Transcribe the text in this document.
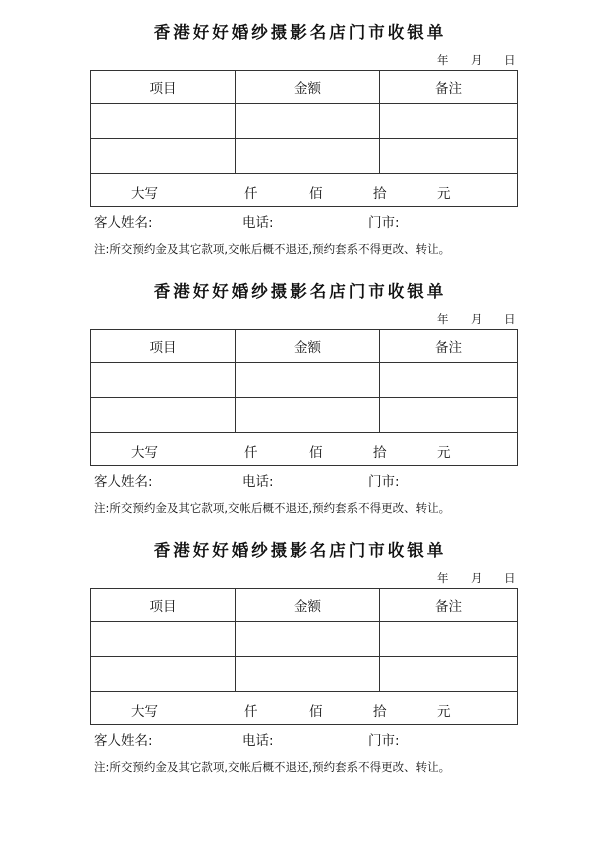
香港好好婚纱摄影名店门市收银单
年 月 日
项目	金额	备注

大写 仟 佰 拾 元		
客人姓名:	电话:	门市:
注:所交预约金及其它款项,交帐后概不退还,预约套系不得更改、转让。
香港好好婚纱摄影名店门市收银单
年 月 日
项目	金额	备注

大写 仟 佰 拾 元		
客人姓名:	电话:	门市:
注:所交预约金及其它款项,交帐后概不退还,预约套系不得更改、转让。
香港好好婚纱摄影名店门市收银单
年 月 日
项目	金额	备注

大写 仟 佰 拾 元		
客人姓名:	电话:	门市:
注:所交预约金及其它款项,交帐后概不退还,预约套系不得更改、转让。
